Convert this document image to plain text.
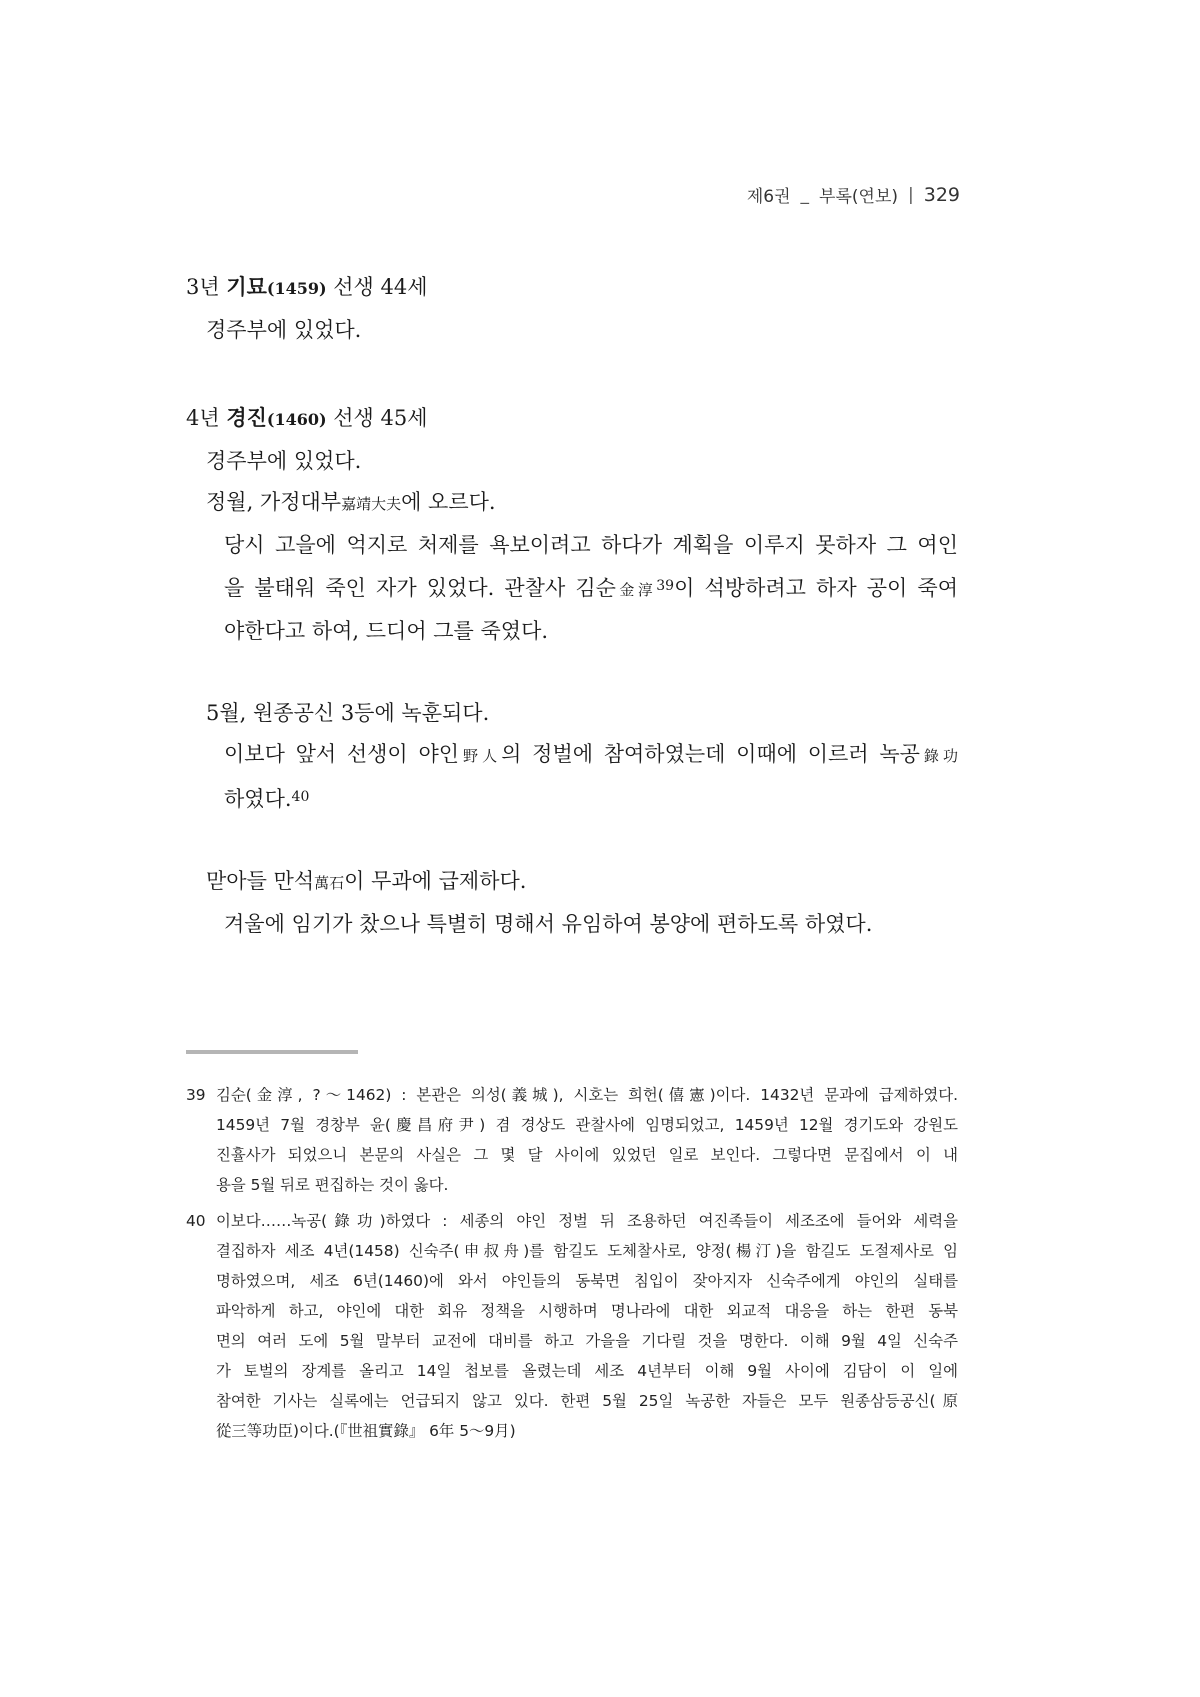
제6권 _ 부록(연보) | 329

3년 기묘(1459) 선생 44세

경주부에 있었다.

4년 경진(1460) 선생 45세

경주부에 있었다.

정월, 가정대부嘉靖大夫에 오르다.

당시 고을에 억지로 처제를 욕보이려고 하다가 계획을 이루지 못하자 그 여인

을 불태워 죽인 자가 있었다. 관찰사 김순金淳$^{39}$이 석방하려고 하자 공이 죽여

야한다고 하여, 드디어 그를 죽였다.

5월, 원종공신 3등에 녹훈되다.

이보다 앞서 선생이 야인野人의 정벌에 참여하였는데 이때에 이르러 녹공錄功

하였다.$^{40}$

맏아들 만석萬石이 무과에 급제하다.

겨울에 임기가 찼으나 특별히 명해서 유임하여 봉양에 편하도록 하였다.

39 김순(金淳, ?～1462) : 본관은 의성(義城), 시호는 희헌(僖憲)이다. 1432년 문과에 급제하였다.
1459년 7월 경창부 윤(慶昌府尹) 겸 경상도 관찰사에 임명되었고, 1459년 12월 경기도와 강원도
진휼사가 되었으니 본문의 사실은 그 몇 달 사이에 있었던 일로 보인다. 그렇다면 문집에서 이 내
용을 5월 뒤로 편집하는 것이 옳다.
40 이보다……녹공(錄功)하였다 : 세종의 야인 정벌 뒤 조용하던 여진족들이 세조조에 들어와 세력을
결집하자 세조 4년(1458) 신숙주(申叔舟)를 함길도 도체찰사로, 양정(楊汀)을 함길도 도절제사로 임
명하였으며, 세조 6년(1460)에 와서 야인들의 동북면 침입이 잦아지자 신숙주에게 야인의 실태를
파악하게 하고, 야인에 대한 회유 정책을 시행하며 명나라에 대한 외교적 대응을 하는 한편 동북
면의 여러 도에 5월 말부터 교전에 대비를 하고 가을을 기다릴 것을 명한다. 이해 9월 4일 신숙주
가 토벌의 장계를 올리고 14일 첩보를 올렸는데 세조 4년부터 이해 9월 사이에 김담이 이 일에
참여한 기사는 실록에는 언급되지 않고 있다. 한편 5월 25일 녹공한 자들은 모두 원종삼등공신(原
從三等功臣)이다.(『世祖實錄』 6年 5～9月)
